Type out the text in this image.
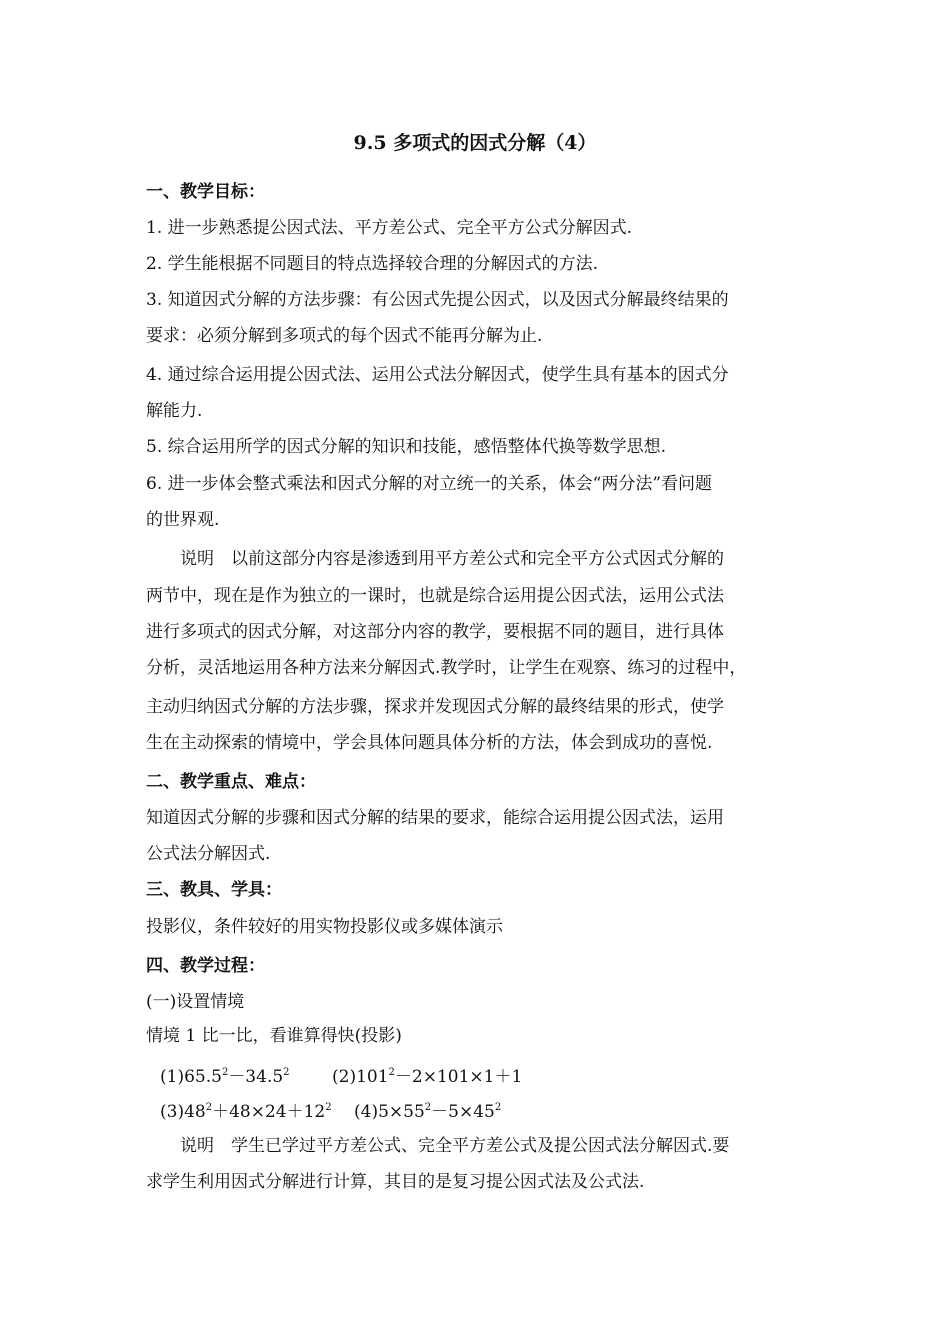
9.5 多项式的因式分解（4）
一、教学目标：
1. 进一步熟悉提公因式法、平方差公式、完全平方公式分解因式.
2. 学生能根据不同题目的特点选择较合理的分解因式的方法.
3. 知道因式分解的方法步骤：有公因式先提公因式，以及因式分解最终结果的
要求：必须分解到多项式的每个因式不能再分解为止.
4. 通过综合运用提公因式法、运用公式法分解因式，使学生具有基本的因式分
解能力.
5. 综合运用所学的因式分解的知识和技能，感悟整体代换等数学思想.
6. 进一步体会整式乘法和因式分解的对立统一的关系，体会“两分法”看问题
的世界观.
说明　以前这部分内容是渗透到用平方差公式和完全平方公式因式分解的
两节中，现在是作为独立的一课时，也就是综合运用提公因式法，运用公式法
进行多项式的因式分解，对这部分内容的教学，要根据不同的题目，进行具体
分析，灵活地运用各种方法来分解因式.教学时，让学生在观察、练习的过程中，
主动归纳因式分解的方法步骤，探求并发现因式分解的最终结果的形式，使学
生在主动探索的情境中，学会具体问题具体分析的方法，体会到成功的喜悦.
二、教学重点、难点：
知道因式分解的步骤和因式分解的结果的要求，能综合运用提公因式法，运用
公式法分解因式.
三、教具、学具：
投影仪，条件较好的用实物投影仪或多媒体演示
四、教学过程：
(一)设置情境
情境 1 比一比，看谁算得快(投影)
$(1)65.5^2-34.5^2$ $(2)101^2-2\times 101\times 1+1$
$(3)48^2+48\times 24+12^2$ $(4)5\times 55^2-5\times 45^2$
说明　学生已学过平方差公式、完全平方差公式及提公因式法分解因式.要
求学生利用因式分解进行计算，其目的是复习提公因式法及公式法.
